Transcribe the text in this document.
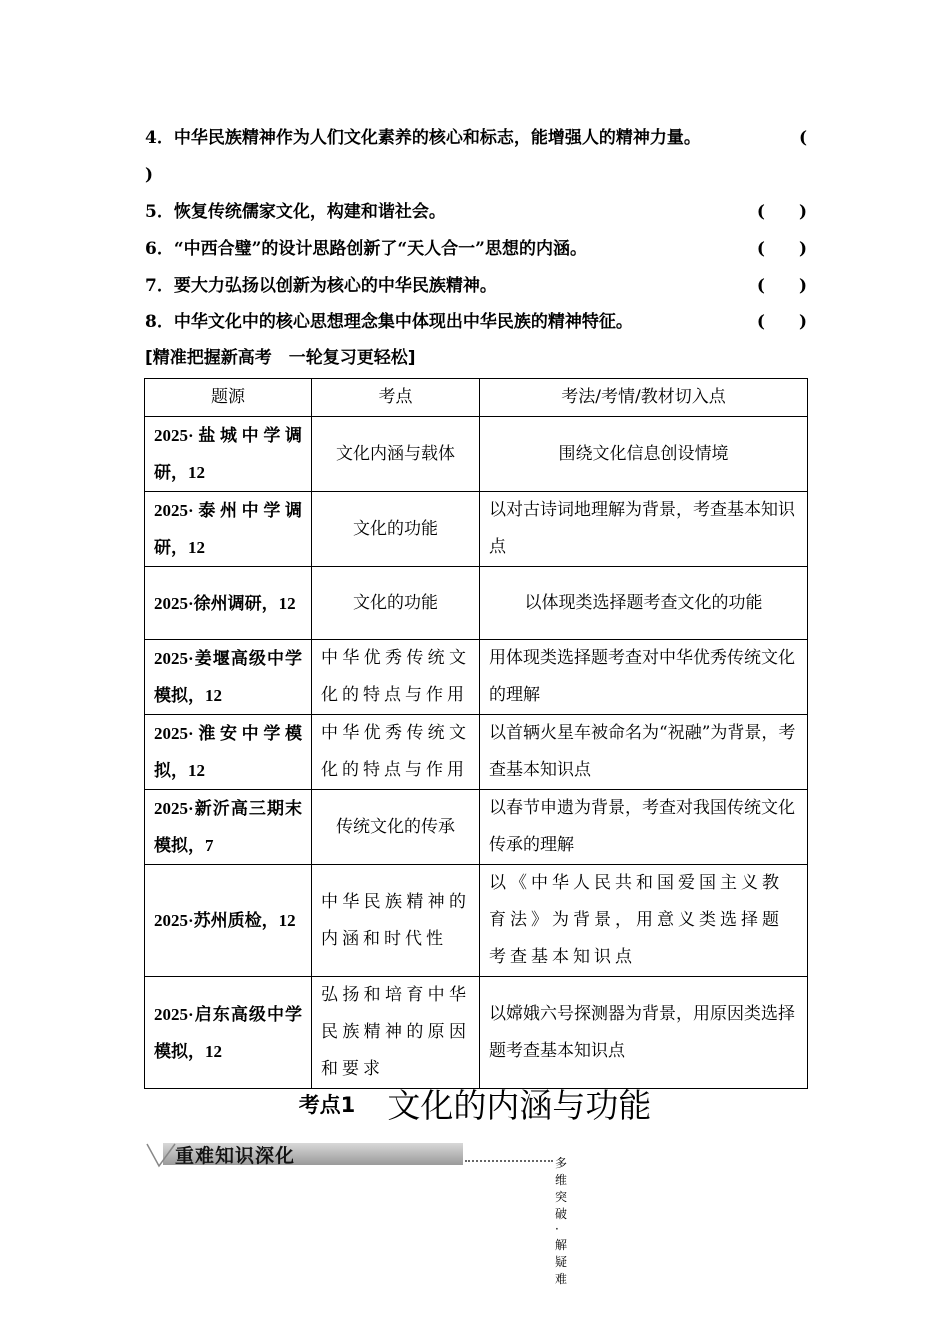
4．中华民族精神作为人们文化素养的核心和标志，能增强人的精神力量。	(
)
5．恢复传统儒家文化，构建和谐社会。	(　　)
6．“中西合璧”的设计思路创新了“天人合一”思想的内涵。	(　　)
7．要大力弘扬以创新为核心的中华民族精神。	(　　)
8．中华文化中的核心思想理念集中体现出中华民族的精神特征。	(　　)
[精准把握新高考　一轮复习更轻松]
题源	考点	考法/考情/教材切入点
2025·盐城中学调研，12	文化内涵与载体	围绕文化信息创设情境
2025·泰州中学调研，12	文化的功能	以对古诗词地理解为背景，考查基本知识点
2025·徐州调研，12	文化的功能	以体现类选择题考查文化的功能
2025·姜堰高级中学模拟，12	中华优秀传统文化的特点与作用	用体现类选择题考查对中华优秀传统文化的理解
2025·淮安中学模拟，12	中华优秀传统文化的特点与作用	以首辆火星车被命名为“祝融”为背景，考查基本知识点
2025·新沂高三期末模拟，7	传统文化的传承	以春节申遗为背景，考查对我国传统文化传承的理解
2025·苏州质检，12	中华民族精神的内涵和时代性	以《中华人民共和国爱国主义教育法》为背景，用意义类选择题考查基本知识点
2025·启东高级中学模拟，12	弘扬和培育中华民族精神的原因和要求	以嫦娥六号探测器为背景，用原因类选择题考查基本知识点
考点1 文化的内涵与功能
重难知识深化	多维突破·解疑难
